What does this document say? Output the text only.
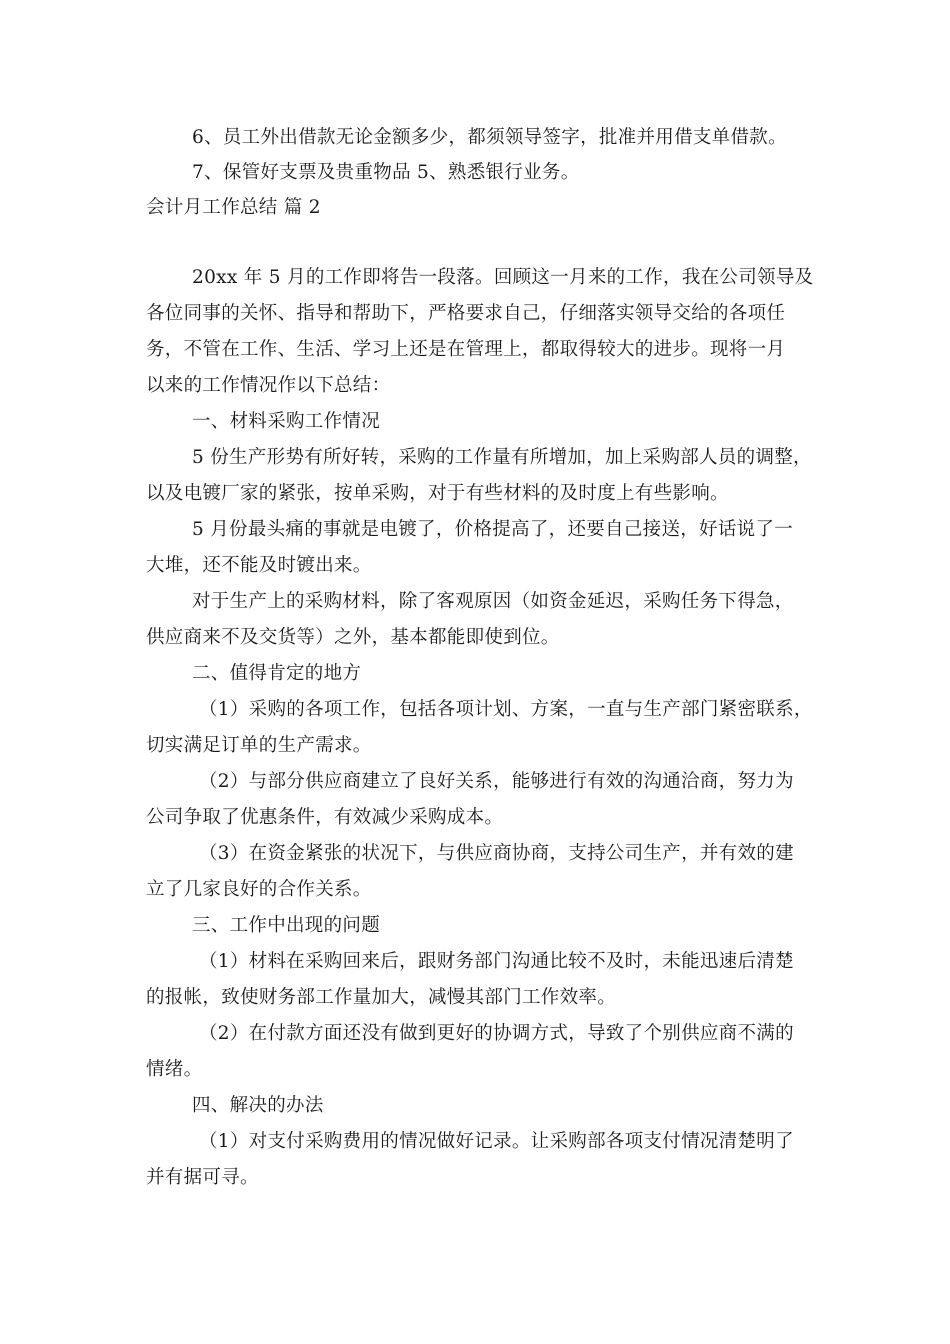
6、员工外出借款无论金额多少，都须领导签字，批准并用借支单借款。
7、保管好支票及贵重物品 5、熟悉银行业务。
会计月工作总结 篇 2
20xx 年 5 月的工作即将告一段落。回顾这一月来的工作，我在公司领导及
各位同事的关怀、指导和帮助下，严格要求自己，仔细落实领导交给的各项任
务，不管在工作、生活、学习上还是在管理上，都取得较大的进步。现将一月
以来的工作情况作以下总结：
一、材料采购工作情况
5 份生产形势有所好转，采购的工作量有所增加，加上采购部人员的调整，
以及电镀厂家的紧张，按单采购，对于有些材料的及时度上有些影响。
5 月份最头痛的事就是电镀了，价格提高了，还要自己接送，好话说了一
大堆，还不能及时镀出来。
对于生产上的采购材料，除了客观原因（如资金延迟，采购任务下得急，
供应商来不及交货等）之外，基本都能即使到位。
二、值得肯定的地方
（1）采购的各项工作，包括各项计划、方案，一直与生产部门紧密联系，
切实满足订单的生产需求。
（2）与部分供应商建立了良好关系，能够进行有效的沟通洽商，努力为
公司争取了优惠条件，有效减少采购成本。
（3）在资金紧张的状况下，与供应商协商，支持公司生产，并有效的建
立了几家良好的合作关系。
三、工作中出现的问题
（1）材料在采购回来后，跟财务部门沟通比较不及时，未能迅速后清楚
的报帐，致使财务部工作量加大，减慢其部门工作效率。
（2）在付款方面还没有做到更好的协调方式，导致了个别供应商不满的
情绪。
四、解决的办法
（1）对支付采购费用的情况做好记录。让采购部各项支付情况清楚明了
并有据可寻。
